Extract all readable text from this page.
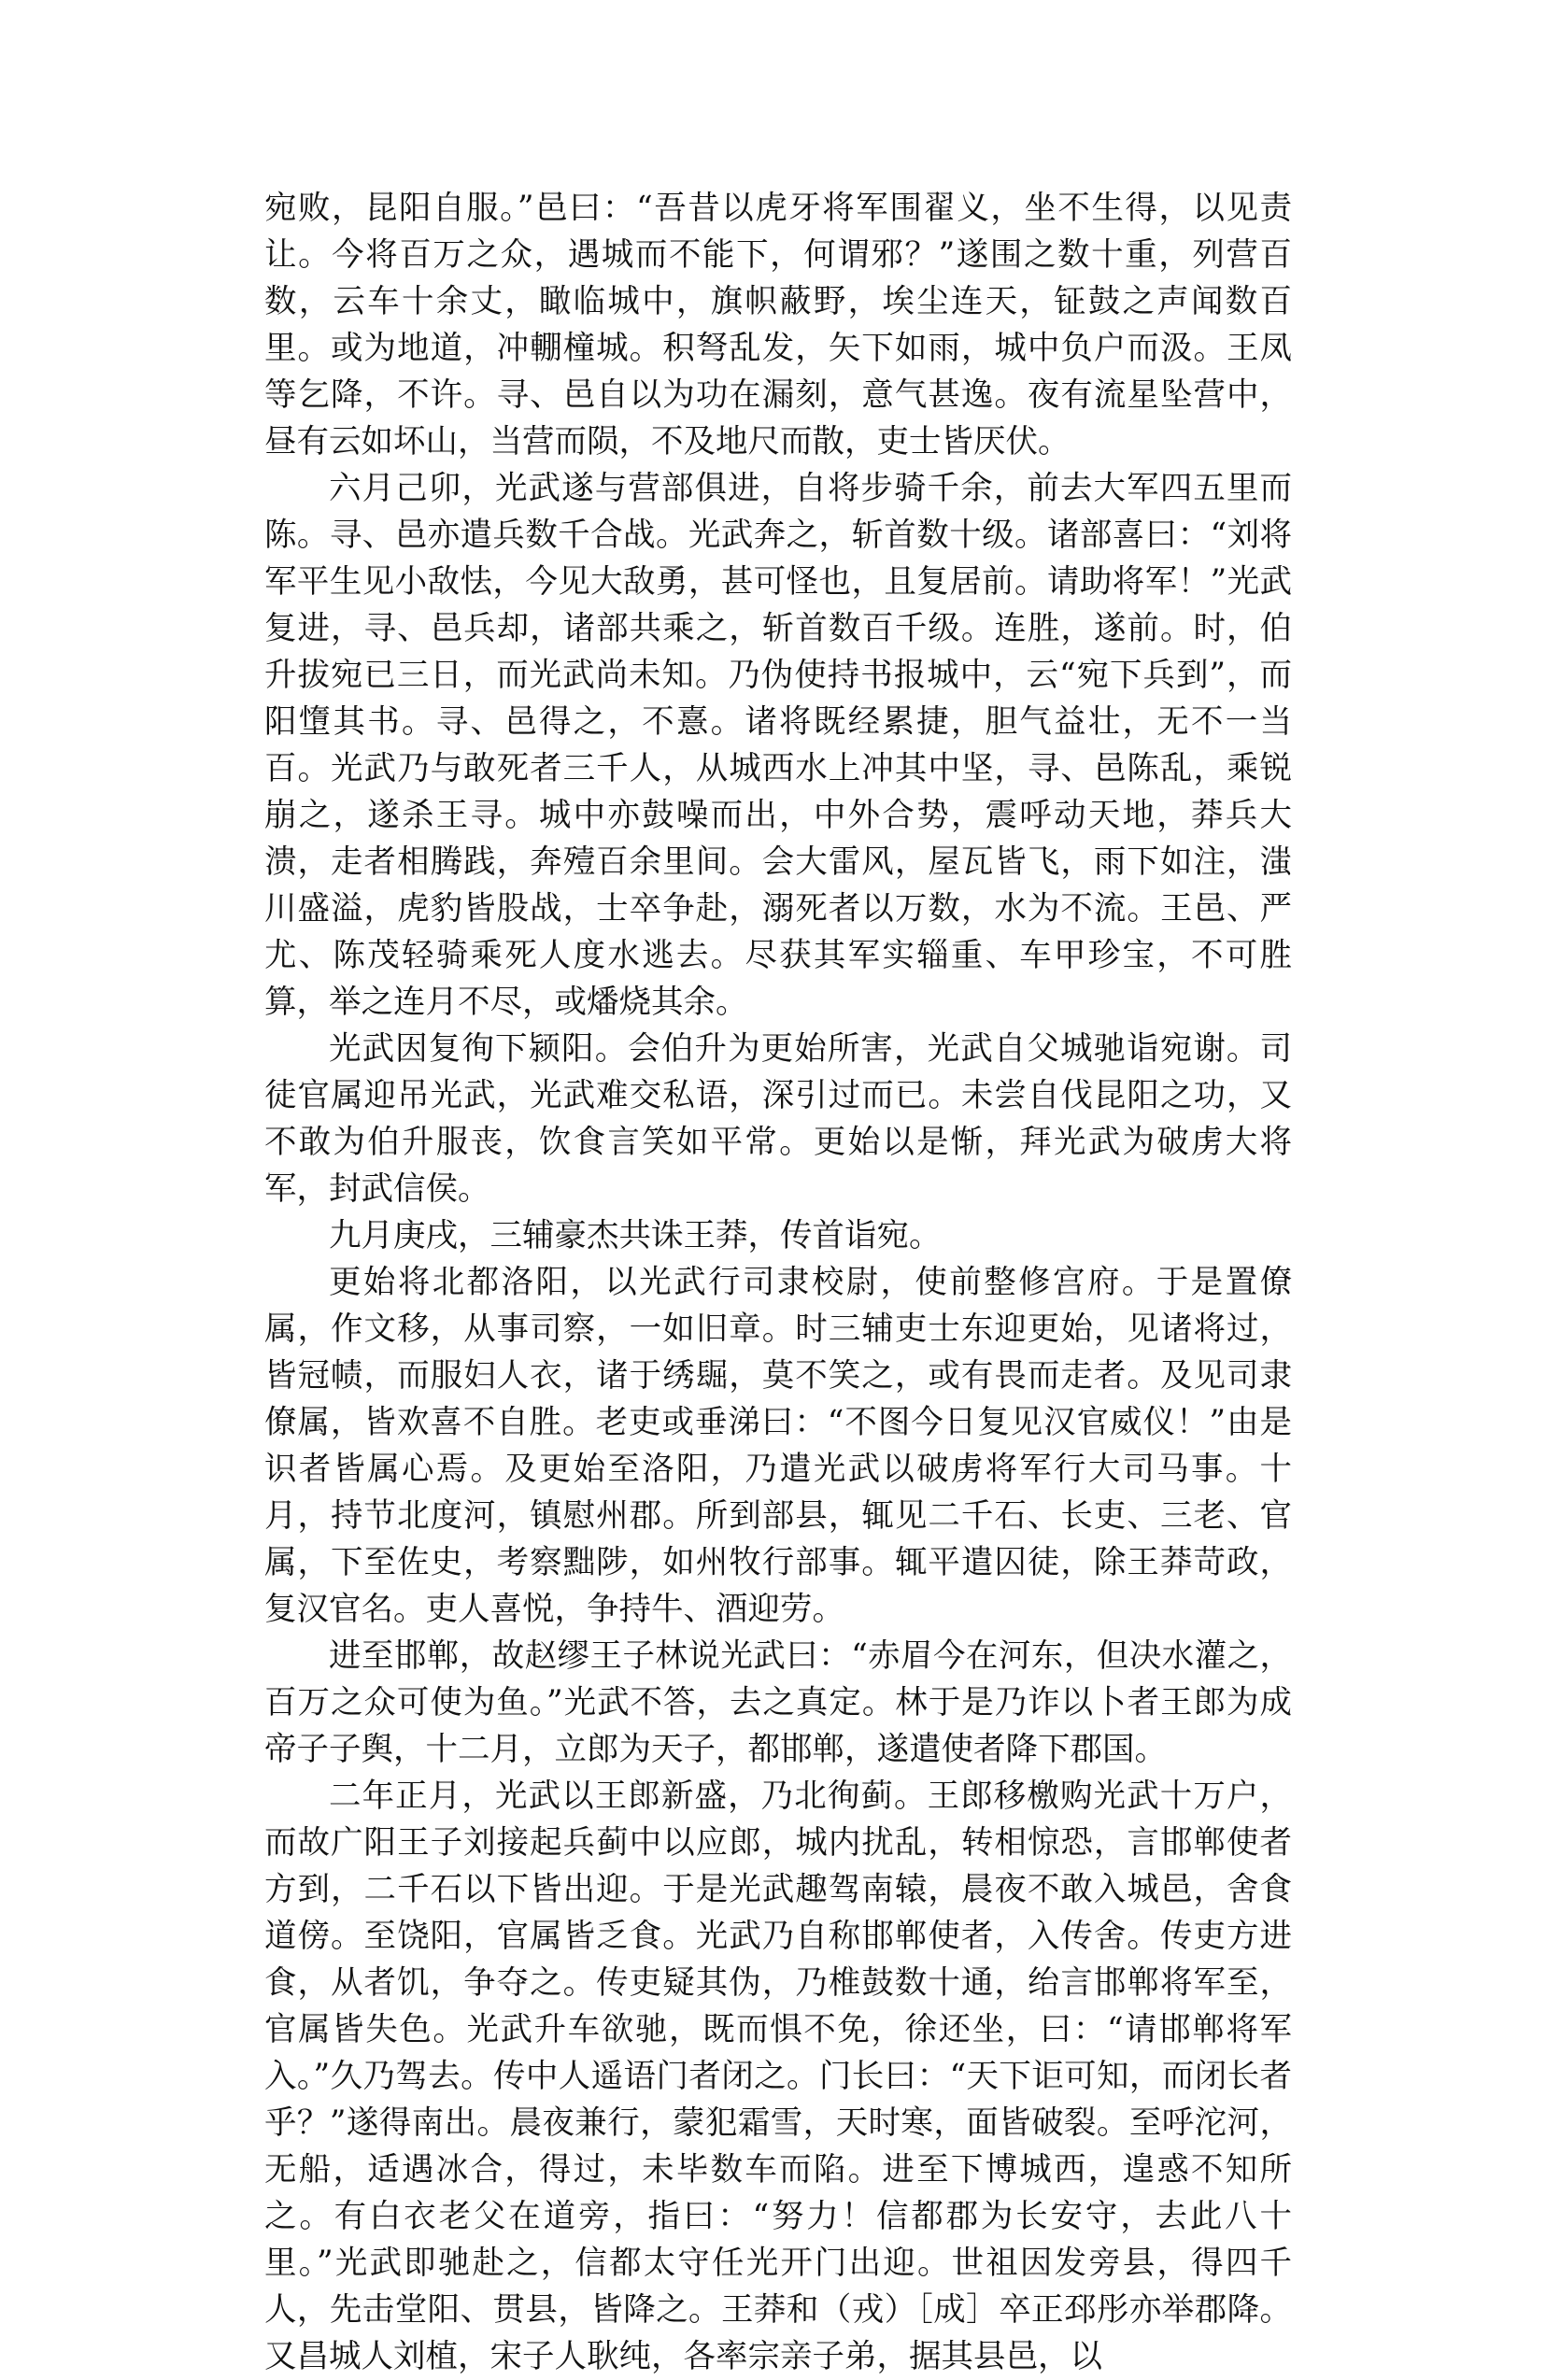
宛败，昆阳自服。”邑曰：“吾昔以虎牙将军围翟义，坐不生得，以见责让。今将百万之众，遇城而不能下，何谓邪？”遂围之数十重，列营百数，云车十余丈，瞰临城中，旗帜蔽野，埃尘连天，钲鼓之声闻数百里。或为地道，冲輣橦城。积弩乱发，矢下如雨，城中负户而汲。王凤等乞降，不许。寻、邑自以为功在漏刻，意气甚逸。夜有流星坠营中，昼有云如坏山，当营而陨，不及地尺而散，吏士皆厌伏。

六月己卯，光武遂与营部俱进，自将步骑千余，前去大军四五里而陈。寻、邑亦遣兵数千合战。光武奔之，斩首数十级。诸部喜曰：“刘将军平生见小敌怯，今见大敌勇，甚可怪也，且复居前。请助将军！”光武复进，寻、邑兵却，诸部共乘之，斩首数百千级。连胜，遂前。时，伯升拔宛已三日，而光武尚未知。乃伪使持书报城中，云“宛下兵到”，而阳墯其书。寻、邑得之，不憙。诸将既经累捷，胆气益壮，无不一当百。光武乃与敢死者三千人，从城西水上冲其中坚，寻、邑陈乱，乘锐崩之，遂杀王寻。城中亦鼓噪而出，中外合势，震呼动天地，莽兵大溃，走者相腾践，奔殪百余里间。会大雷风，屋瓦皆飞，雨下如注，滍川盛溢，虎豹皆股战，士卒争赴，溺死者以万数，水为不流。王邑、严尤、陈茂轻骑乘死人度水逃去。尽获其军实辎重、车甲珍宝，不可胜算，举之连月不尽，或燔烧其余。

光武因复徇下颍阳。会伯升为更始所害，光武自父城驰诣宛谢。司徒官属迎吊光武，光武难交私语，深引过而已。未尝自伐昆阳之功，又不敢为伯升服丧，饮食言笑如平常。更始以是惭，拜光武为破虏大将军，封武信侯。

九月庚戌，三辅豪杰共诛王莽，传首诣宛。

更始将北都洛阳，以光武行司隶校尉，使前整修宫府。于是置僚属，作文移，从事司察，一如旧章。时三辅吏士东迎更始，见诸将过，皆冠帻，而服妇人衣，诸于绣镼，莫不笑之，或有畏而走者。及见司隶僚属，皆欢喜不自胜。老吏或垂涕曰：“不图今日复见汉官威仪！”由是识者皆属心焉。及更始至洛阳，乃遣光武以破虏将军行大司马事。十月，持节北度河，镇慰州郡。所到部县，辄见二千石、长吏、三老、官属，下至佐史，考察黜陟，如州牧行部事。辄平遣囚徒，除王莽苛政，复汉官名。吏人喜悦，争持牛、酒迎劳。

进至邯郸，故赵缪王子林说光武曰：“赤眉今在河东，但决水灌之，百万之众可使为鱼。”光武不答，去之真定。林于是乃诈以卜者王郎为成帝子子舆，十二月，立郎为天子，都邯郸，遂遣使者降下郡国。

二年正月，光武以王郎新盛，乃北徇蓟。王郎移檄购光武十万户，而故广阳王子刘接起兵蓟中以应郎，城内扰乱，转相惊恐，言邯郸使者方到，二千石以下皆出迎。于是光武趣驾南辕，晨夜不敢入城邑，舍食道傍。至饶阳，官属皆乏食。光武乃自称邯郸使者，入传舍。传吏方进食，从者饥，争夺之。传吏疑其伪，乃椎鼓数十通，绐言邯郸将军至，官属皆失色。光武升车欲驰，既而惧不免，徐还坐，曰：“请邯郸将军入。”久乃驾去。传中人遥语门者闭之。门长曰：“天下讵可知，而闭长者乎？”遂得南出。晨夜兼行，蒙犯霜雪，天时寒，面皆破裂。至呼沱河，无船，适遇冰合，得过，未毕数车而陷。进至下博城西，遑惑不知所之。有白衣老父在道旁，指曰：“努力！信都郡为长安守，去此八十里。”光武即驰赴之，信都太守任光开门出迎。世祖因发旁县，得四千人，先击堂阳、贯县，皆降之。王莽和（戎）［成］卒正邳彤亦举郡降。又昌城人刘植，宋子人耿纯，各率宗亲子弟，据其县邑，以
